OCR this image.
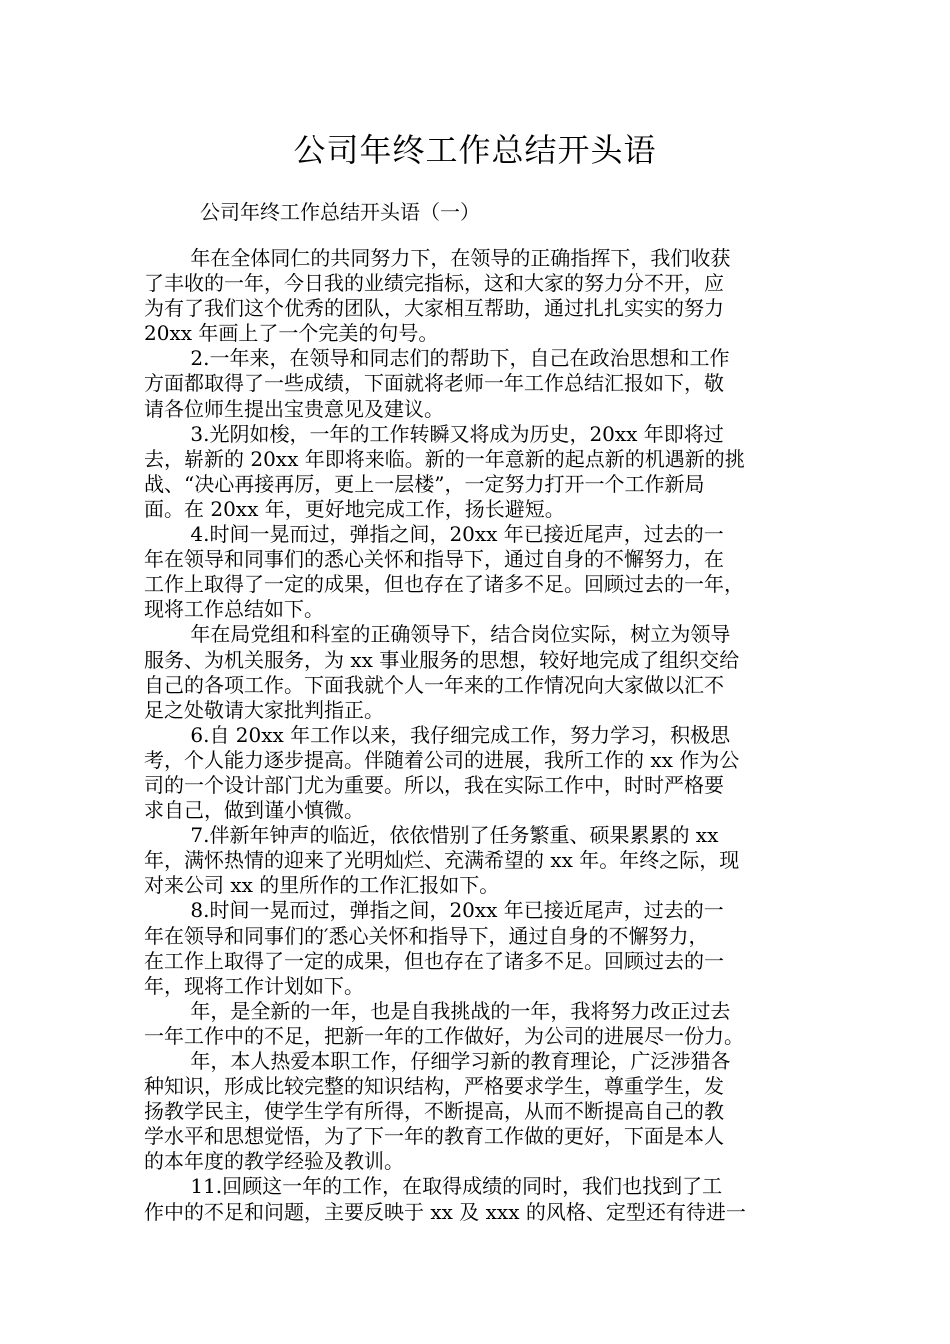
公司年终工作总结开头语
公司年终工作总结开头语（一）
　　 年在全体同仁的共同努力下，在领导的正确指挥下，我们收获
了丰收的一年，今日我的业绩完指标，这和大家的努力分不开，应
为有了我们这个优秀的团队，大家相互帮助，通过扎扎实实的努力
20xx 年画上了一个完美的句号。
　　 2.一年来，在领导和同志们的帮助下，自己在政治思想和工作
方面都取得了一些成绩，下面就将老师一年工作总结汇报如下，敬
请各位师生提出宝贵意见及建议。
　　 3.光阴如梭，一年的工作转瞬又将成为历史，20xx 年即将过
去，崭新的 20xx 年即将来临。新的一年意新的起点新的机遇新的挑
战、“决心再接再厉，更上一层楼”，一定努力打开一个工作新局
面。在 20xx 年，更好地完成工作，扬长避短。
　　 4.时间一晃而过，弹指之间，20xx 年已接近尾声，过去的一
年在领导和同事们的悉心关怀和指导下，通过自身的不懈努力，在
工作上取得了一定的成果，但也存在了诸多不足。回顾过去的一年，
现将工作总结如下。
　　 年在局党组和科室的正确领导下，结合岗位实际，树立为领导
服务、为机关服务，为 xx 事业服务的思想，较好地完成了组织交给
自己的各项工作。下面我就个人一年来的工作情况向大家做以汇不
足之处敬请大家批判指正。
　　 6.自 20xx 年工作以来，我仔细完成工作，努力学习，积极思
考，个人能力逐步提高。伴随着公司的进展，我所工作的 xx 作为公
司的一个设计部门尤为重要。所以，我在实际工作中，时时严格要
求自己，做到谨小慎微。
　　 7.伴新年钟声的临近，依依惜别了任务繁重、硕果累累的 xx
年，满怀热情的迎来了光明灿烂、充满希望的 xx 年。年终之际，现
对来公司 xx 的里所作的工作汇报如下。
　　 8.时间一晃而过，弹指之间，20xx 年已接近尾声，过去的一
年在领导和同事们的′悉心关怀和指导下，通过自身的不懈努力，
在工作上取得了一定的成果，但也存在了诸多不足。回顾过去的一
年，现将工作计划如下。
　　 年，是全新的一年，也是自我挑战的一年，我将努力改正过去
一年工作中的不足，把新一年的工作做好，为公司的进展尽一份力。
　　 年，本人热爱本职工作，仔细学习新的教育理论，广泛涉猎各
种知识，形成比较完整的知识结构，严格要求学生，尊重学生，发
扬教学民主，使学生学有所得，不断提高，从而不断提高自己的教
学水平和思想觉悟，为了下一年的教育工作做的更好，下面是本人
的本年度的教学经验及教训。
　　 11.回顾这一年的工作，在取得成绩的同时，我们也找到了工
作中的不足和问题，主要反映于 xx 及 xxx 的风格、定型还有待进一
